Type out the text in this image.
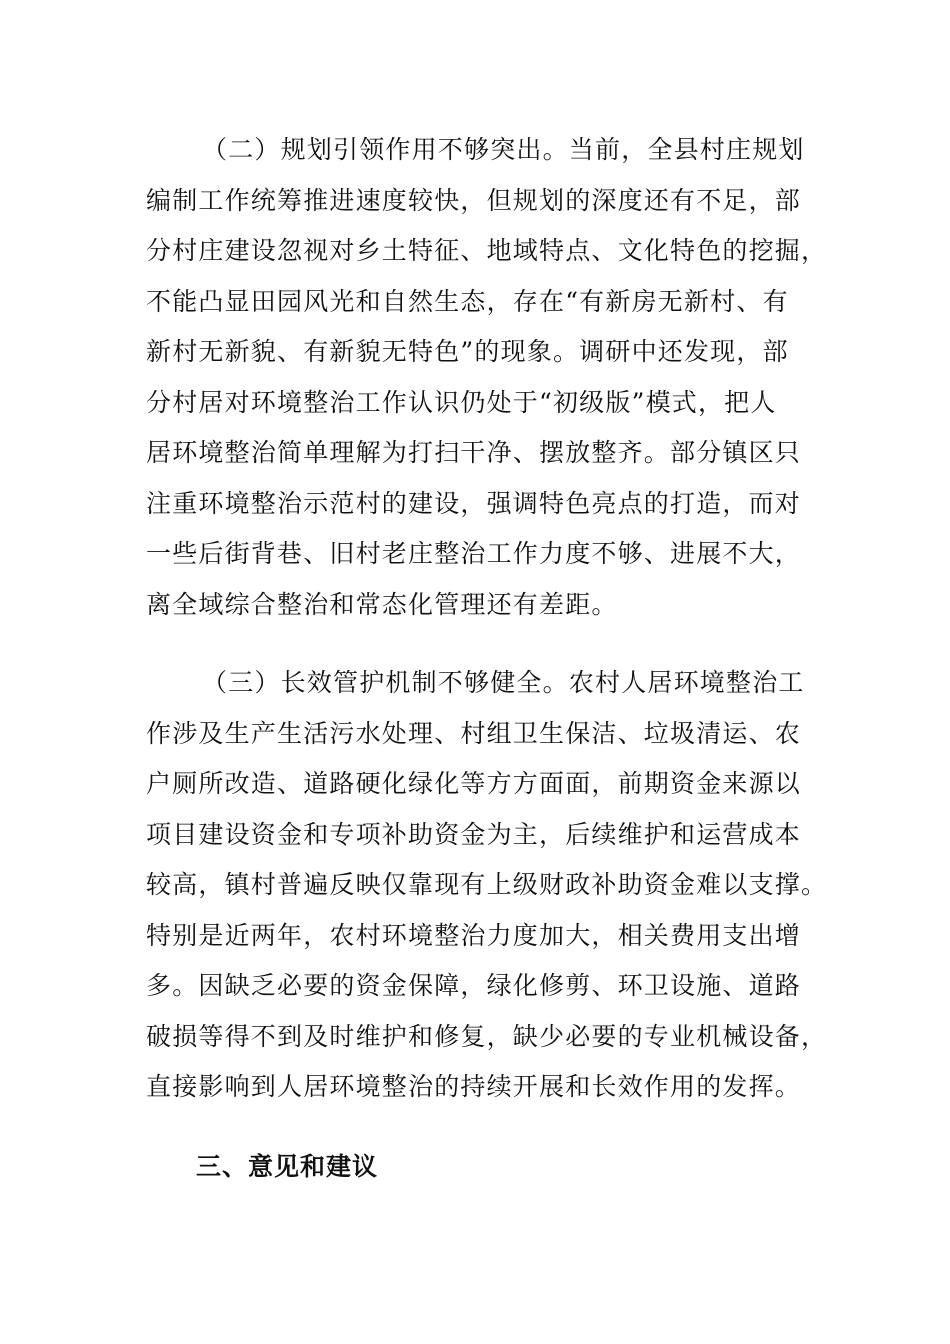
（二）规划引领作用不够突出。当前，全县村庄规划
编制工作统筹推进速度较快，但规划的深度还有不足，部
分村庄建设忽视对乡土特征、地域特点、文化特色的挖掘，
不能凸显田园风光和自然生态，存在“有新房无新村、有
新村无新貌、有新貌无特色”的现象。调研中还发现，部
分村居对环境整治工作认识仍处于“初级版”模式，把人
居环境整治简单理解为打扫干净、摆放整齐。部分镇区只
注重环境整治示范村的建设，强调特色亮点的打造，而对
一些后街背巷、旧村老庄整治工作力度不够、进展不大，
离全域综合整治和常态化管理还有差距。

（三）长效管护机制不够健全。农村人居环境整治工
作涉及生产生活污水处理、村组卫生保洁、垃圾清运、农
户厕所改造、道路硬化绿化等方方面面，前期资金来源以
项目建设资金和专项补助资金为主，后续维护和运营成本
较高，镇村普遍反映仅靠现有上级财政补助资金难以支撑。
特别是近两年，农村环境整治力度加大，相关费用支出增
多。因缺乏必要的资金保障，绿化修剪、环卫设施、道路
破损等得不到及时维护和修复，缺少必要的专业机械设备，
直接影响到人居环境整治的持续开展和长效作用的发挥。

三、意见和建议
